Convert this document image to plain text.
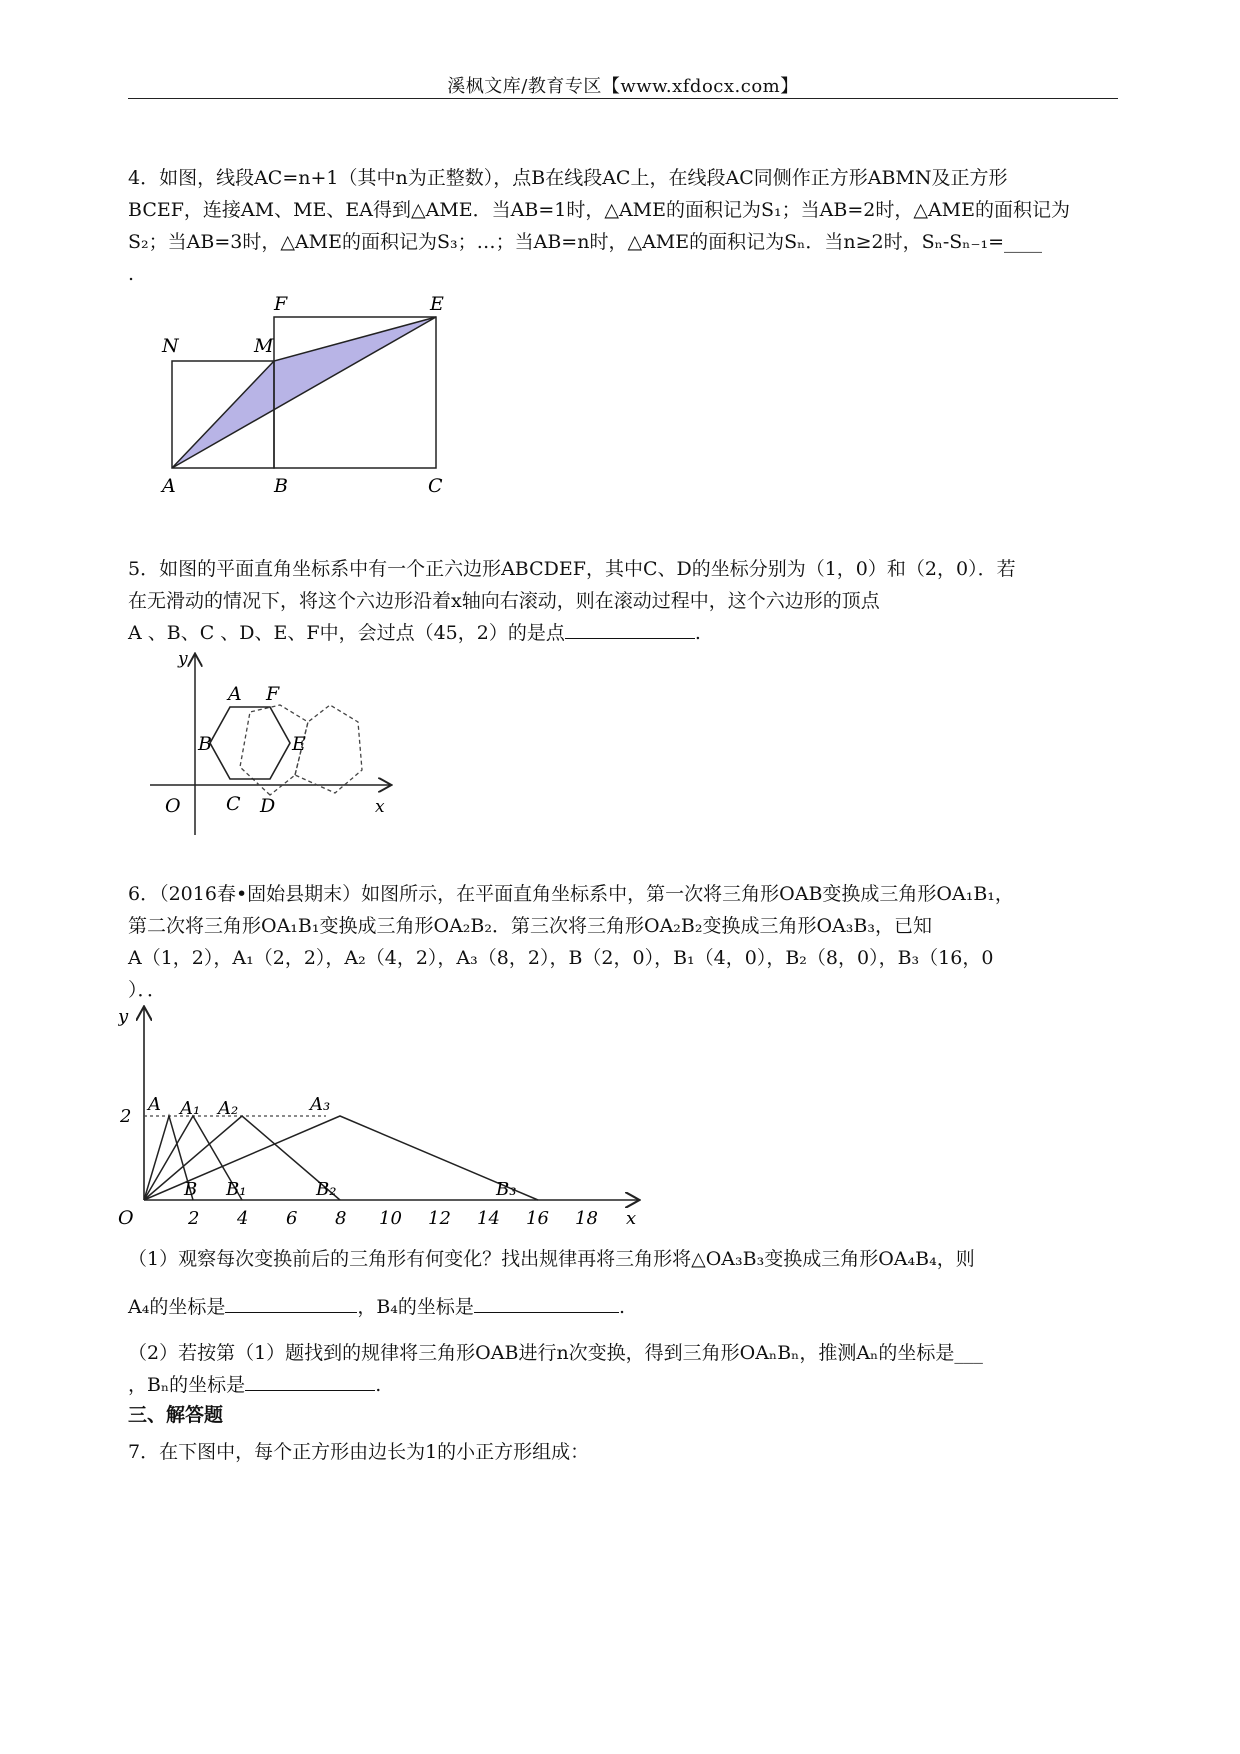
溪枫文库/教育专区【www.xfdocx.com】

4．如图，线段AC=n+1（其中n为正整数），点B在线段AC上，在线段AC同侧作正方形ABMN及正方形

BCEF，连接AM、ME、EA得到△AME．当AB=1时，△AME的面积记为S₁；当AB=2时，△AME的面积记为

S₂；当AB=3时，△AME的面积记为S₃；…；当AB=n时，△AME的面积记为Sₙ．当n≥2时，Sₙ-Sₙ₋₁=____

.

N	M
F	E
A	B	C

5．如图的平面直角坐标系中有一个正六边形ABCDEF，其中C、D的坐标分别为（1，0）和（2，0）．若

在无滑动的情况下，将这个六边形沿着x轴向右滚动，则在滚动过程中，这个六边形的顶点

A 、B、C 、D、E、F中，会过点（45，2）的是点	.

y
x
O
A F
B	E
C D

6．（2016春•固始县期末）如图所示，在平面直角坐标系中，第一次将三角形OAB变换成三角形OA₁B₁，

第二次将三角形OA₁B₁变换成三角形OA₂B₂．第三次将三角形OA₂B₂变换成三角形OA₃B₃，已知

A（1，2），A₁（2，2），A₂（4，2），A₃（8，2），B（2，0），B₁（4，0），B₂（8，0），B₃（16，0

）．．

2 4 6 8 10 12 14 16 18
y
x
O
2
A A₁ A₂	A₃
B B₁	B₂	B₃

（1）观察每次变换前后的三角形有何变化？找出规律再将三角形将△OA₃B₃变换成三角形OA₄B₄，则

A₄的坐标是	，B₄的坐标是	.

（2）若按第（1）题找到的规律将三角形OAB进行n次变换，得到三角形OAₙBₙ，推测Aₙ的坐标是___

，Bₙ的坐标是	.

三、解答题

7．在下图中，每个正方形由边长为1的小正方形组成：
